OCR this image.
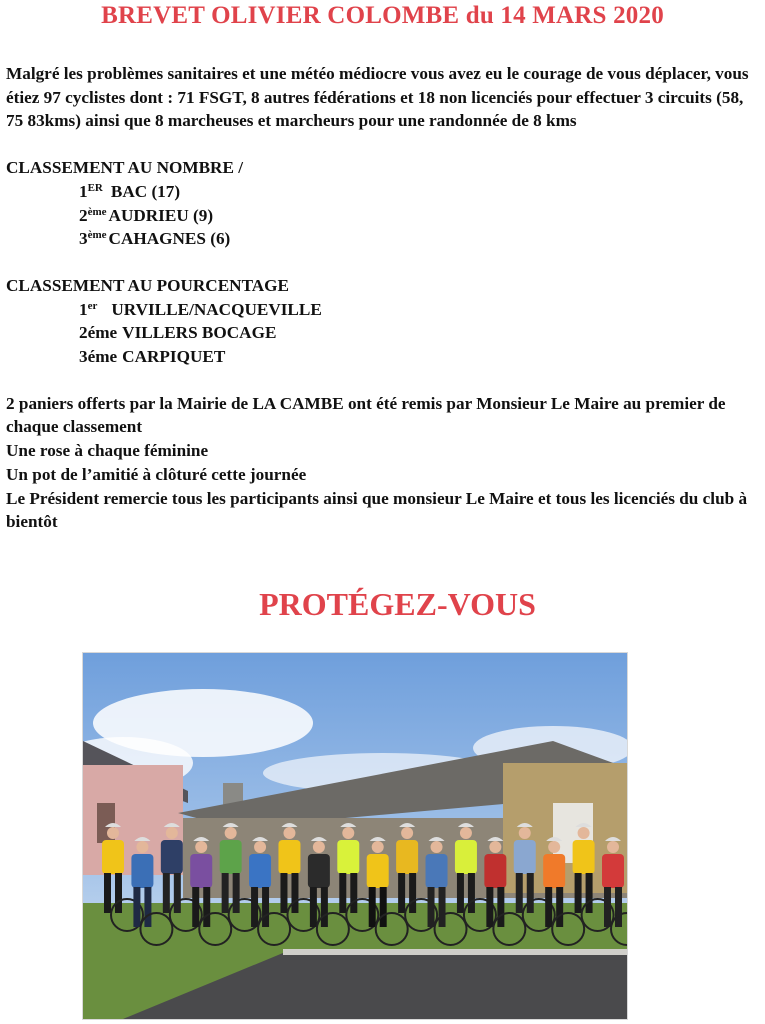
BREVET OLIVIER COLOMBE du 14 MARS 2020

Malgré les problèmes sanitaires et une météo médiocre vous avez eu le courage de vous déplacer, vous étiez 97 cyclistes dont : 71 FSGT, 8 autres fédérations et 18 non licenciés pour effectuer 3 circuits (58, 75 83kms) ainsi que 8 marcheuses et marcheurs pour une randonnée de 8 kms

CLASSEMENT AU NOMBRE /

1ER BAC (17)
2ème AUDRIEU (9)
3ème CAHAGNES (6)

CLASSEMENT AU POURCENTAGE

1er URVILLE/NACQUEVILLE
2éme VILLERS BOCAGE
3éme CARPIQUET

2 paniers offerts par la Mairie de LA CAMBE ont été remis par Monsieur Le Maire au premier de chaque classement

Une rose à chaque féminine

Un pot de l’amitié à clôturé cette journée

Le Président remercie tous les participants ainsi que monsieur Le Maire et tous les licenciés du club à bientôt

PROTÉGEZ-VOUS
